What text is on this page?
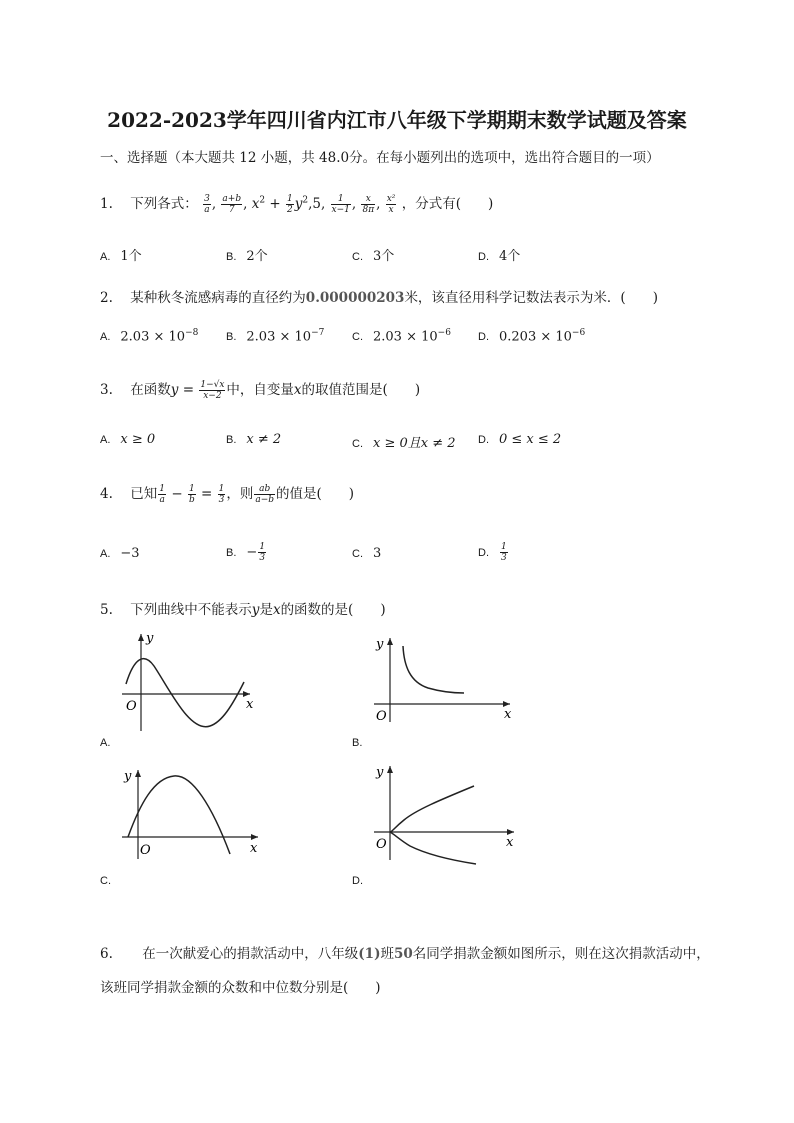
2022-2023学年四川省内江市八年级下学期期末数学试题及答案
一、选择题（本大题共 12 小题，共 48.0分。在每小题列出的选项中，选出符合题目的一项）
1. 下列各式： $\frac{3}{a}$ , $\frac{a+b}{7}$ , $x^2 + \frac{1}{2} y^2,5$, $\frac{1}{x-1}$ , $\frac{x}{8\pi}$ , $\frac{\text{x²}}{x}$ ，分式有(　　)
A. 1个	B. 2个	C. 3个	D. 4个
2. 某种秋冬流感病毒的直径约为0.000000203米，该直径用科学记数法表示为米．(　　)
A. $2.03 \times 10^{-8}$	B. $2.03 \times 10^{-7}$	C. $2.03 \times 10^{-6}$ D. $0.203 \times 10^{-6}$
3. 在函数$y = \frac{1-√x}{x-2}$ 中，自变量x的取值范围是(　　)
A. x ≥ 0	B. x ≠ 2	C. x ≥ 0且x ≠ 2 D. 0 ≤ x ≤ 2
4. 已知 $\frac{1}{a} - \frac{1}{b} = \frac{1}{3}$ ，则 $\frac{ab}{a-b}$ 的值是(　　)
A. −3	B. − $\frac{1}{3}$	C. 3	D. $\frac{1}{3}$
5. 下列曲线中不能表示y是x的函数的是(　　)
y
x
O
A.
y
x
O
B.
y
x
O
C.
y
x
O
D.
6. 在一次献爱心的捐款活动中，八年级(1)班50名同学捐款金额如图所示，则在这次捐款活动中，
该班同学捐款金额的众数和中位数分别是(　　)
